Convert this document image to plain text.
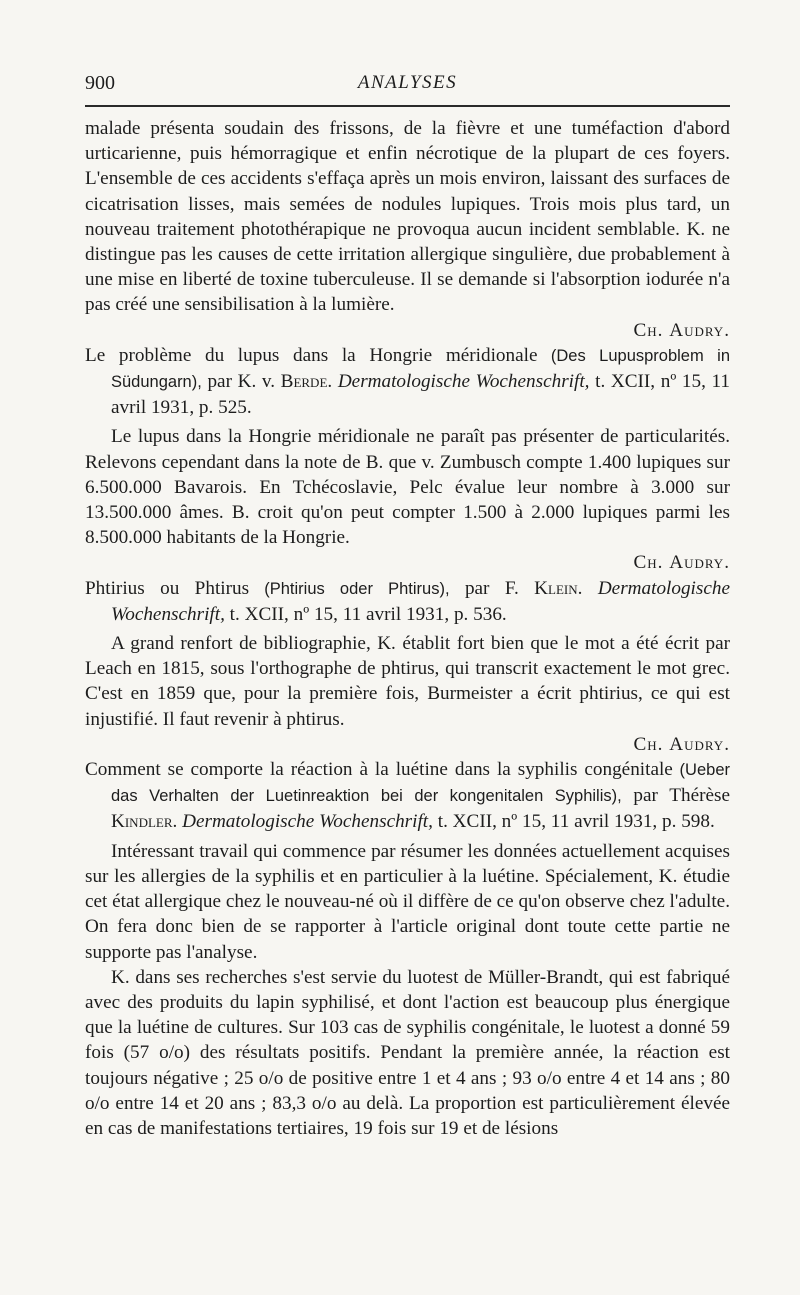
900	ANALYSES

malade présenta soudain des frissons, de la fièvre et une tuméfaction d'abord urticarienne, puis hémorragique et enfin nécrotique de la plupart de ces foyers. L'ensemble de ces accidents s'effaça après un mois environ, laissant des surfaces de cicatrisation lisses, mais semées de nodules lupiques. Trois mois plus tard, un nouveau traitement photothérapique ne provoqua aucun incident semblable. K. ne distingue pas les causes de cette irritation allergique singulière, due probablement à une mise en liberté de toxine tuberculeuse. Il se demande si l'absorption iodurée n'a pas créé une sensibilisation à la lumière.

Ch. Audry.

Le problème du lupus dans la Hongrie méridionale (Des Lupusproblem in Südungarn), par K. v. Berde. Dermatologische Wochenschrift, t. XCII, nº 15, 11 avril 1931, p. 525.

Le lupus dans la Hongrie méridionale ne paraît pas présenter de particularités. Relevons cependant dans la note de B. que v. Zumbusch compte 1.400 lupiques sur 6.500.000 Bavarois. En Tchécoslavie, Pelc évalue leur nombre à 3.000 sur 13.500.000 âmes. B. croit qu'on peut compter 1.500 à 2.000 lupiques parmi les 8.500.000 habitants de la Hongrie.

Ch. Audry.

Phtirius ou Phtirus (Phtirius oder Phtirus), par F. Klein. Dermatologische Wochenschrift, t. XCII, nº 15, 11 avril 1931, p. 536.

A grand renfort de bibliographie, K. établit fort bien que le mot a été écrit par Leach en 1815, sous l'orthographe de phtirus, qui transcrit exactement le mot grec. C'est en 1859 que, pour la première fois, Burmeister a écrit phtirius, ce qui est injustifié. Il faut revenir à phtirus.

Ch. Audry.

Comment se comporte la réaction à la luétine dans la syphilis congénitale (Ueber das Verhalten der Luetinreaktion bei der kongenitalen Syphilis), par Thérèse Kindler. Dermatologische Wochenschrift, t. XCII, nº 15, 11 avril 1931, p. 598.

Intéressant travail qui commence par résumer les données actuellement acquises sur les allergies de la syphilis et en particulier à la luétine. Spécialement, K. étudie cet état allergique chez le nouveau-né où il diffère de ce qu'on observe chez l'adulte. On fera donc bien de se rapporter à l'article original dont toute cette partie ne supporte pas l'analyse.

K. dans ses recherches s'est servie du luotest de Müller-Brandt, qui est fabriqué avec des produits du lapin syphilisé, et dont l'action est beaucoup plus énergique que la luétine de cultures. Sur 103 cas de syphilis congénitale, le luotest a donné 59 fois (57 o/o) des résultats positifs. Pendant la première année, la réaction est toujours négative ; 25 o/o de positive entre 1 et 4 ans ; 93 o/o entre 4 et 14 ans ; 80 o/o entre 14 et 20 ans ; 83,3 o/o au delà. La proportion est particulièrement élevée en cas de manifestations tertiaires, 19 fois sur 19 et de lésions
